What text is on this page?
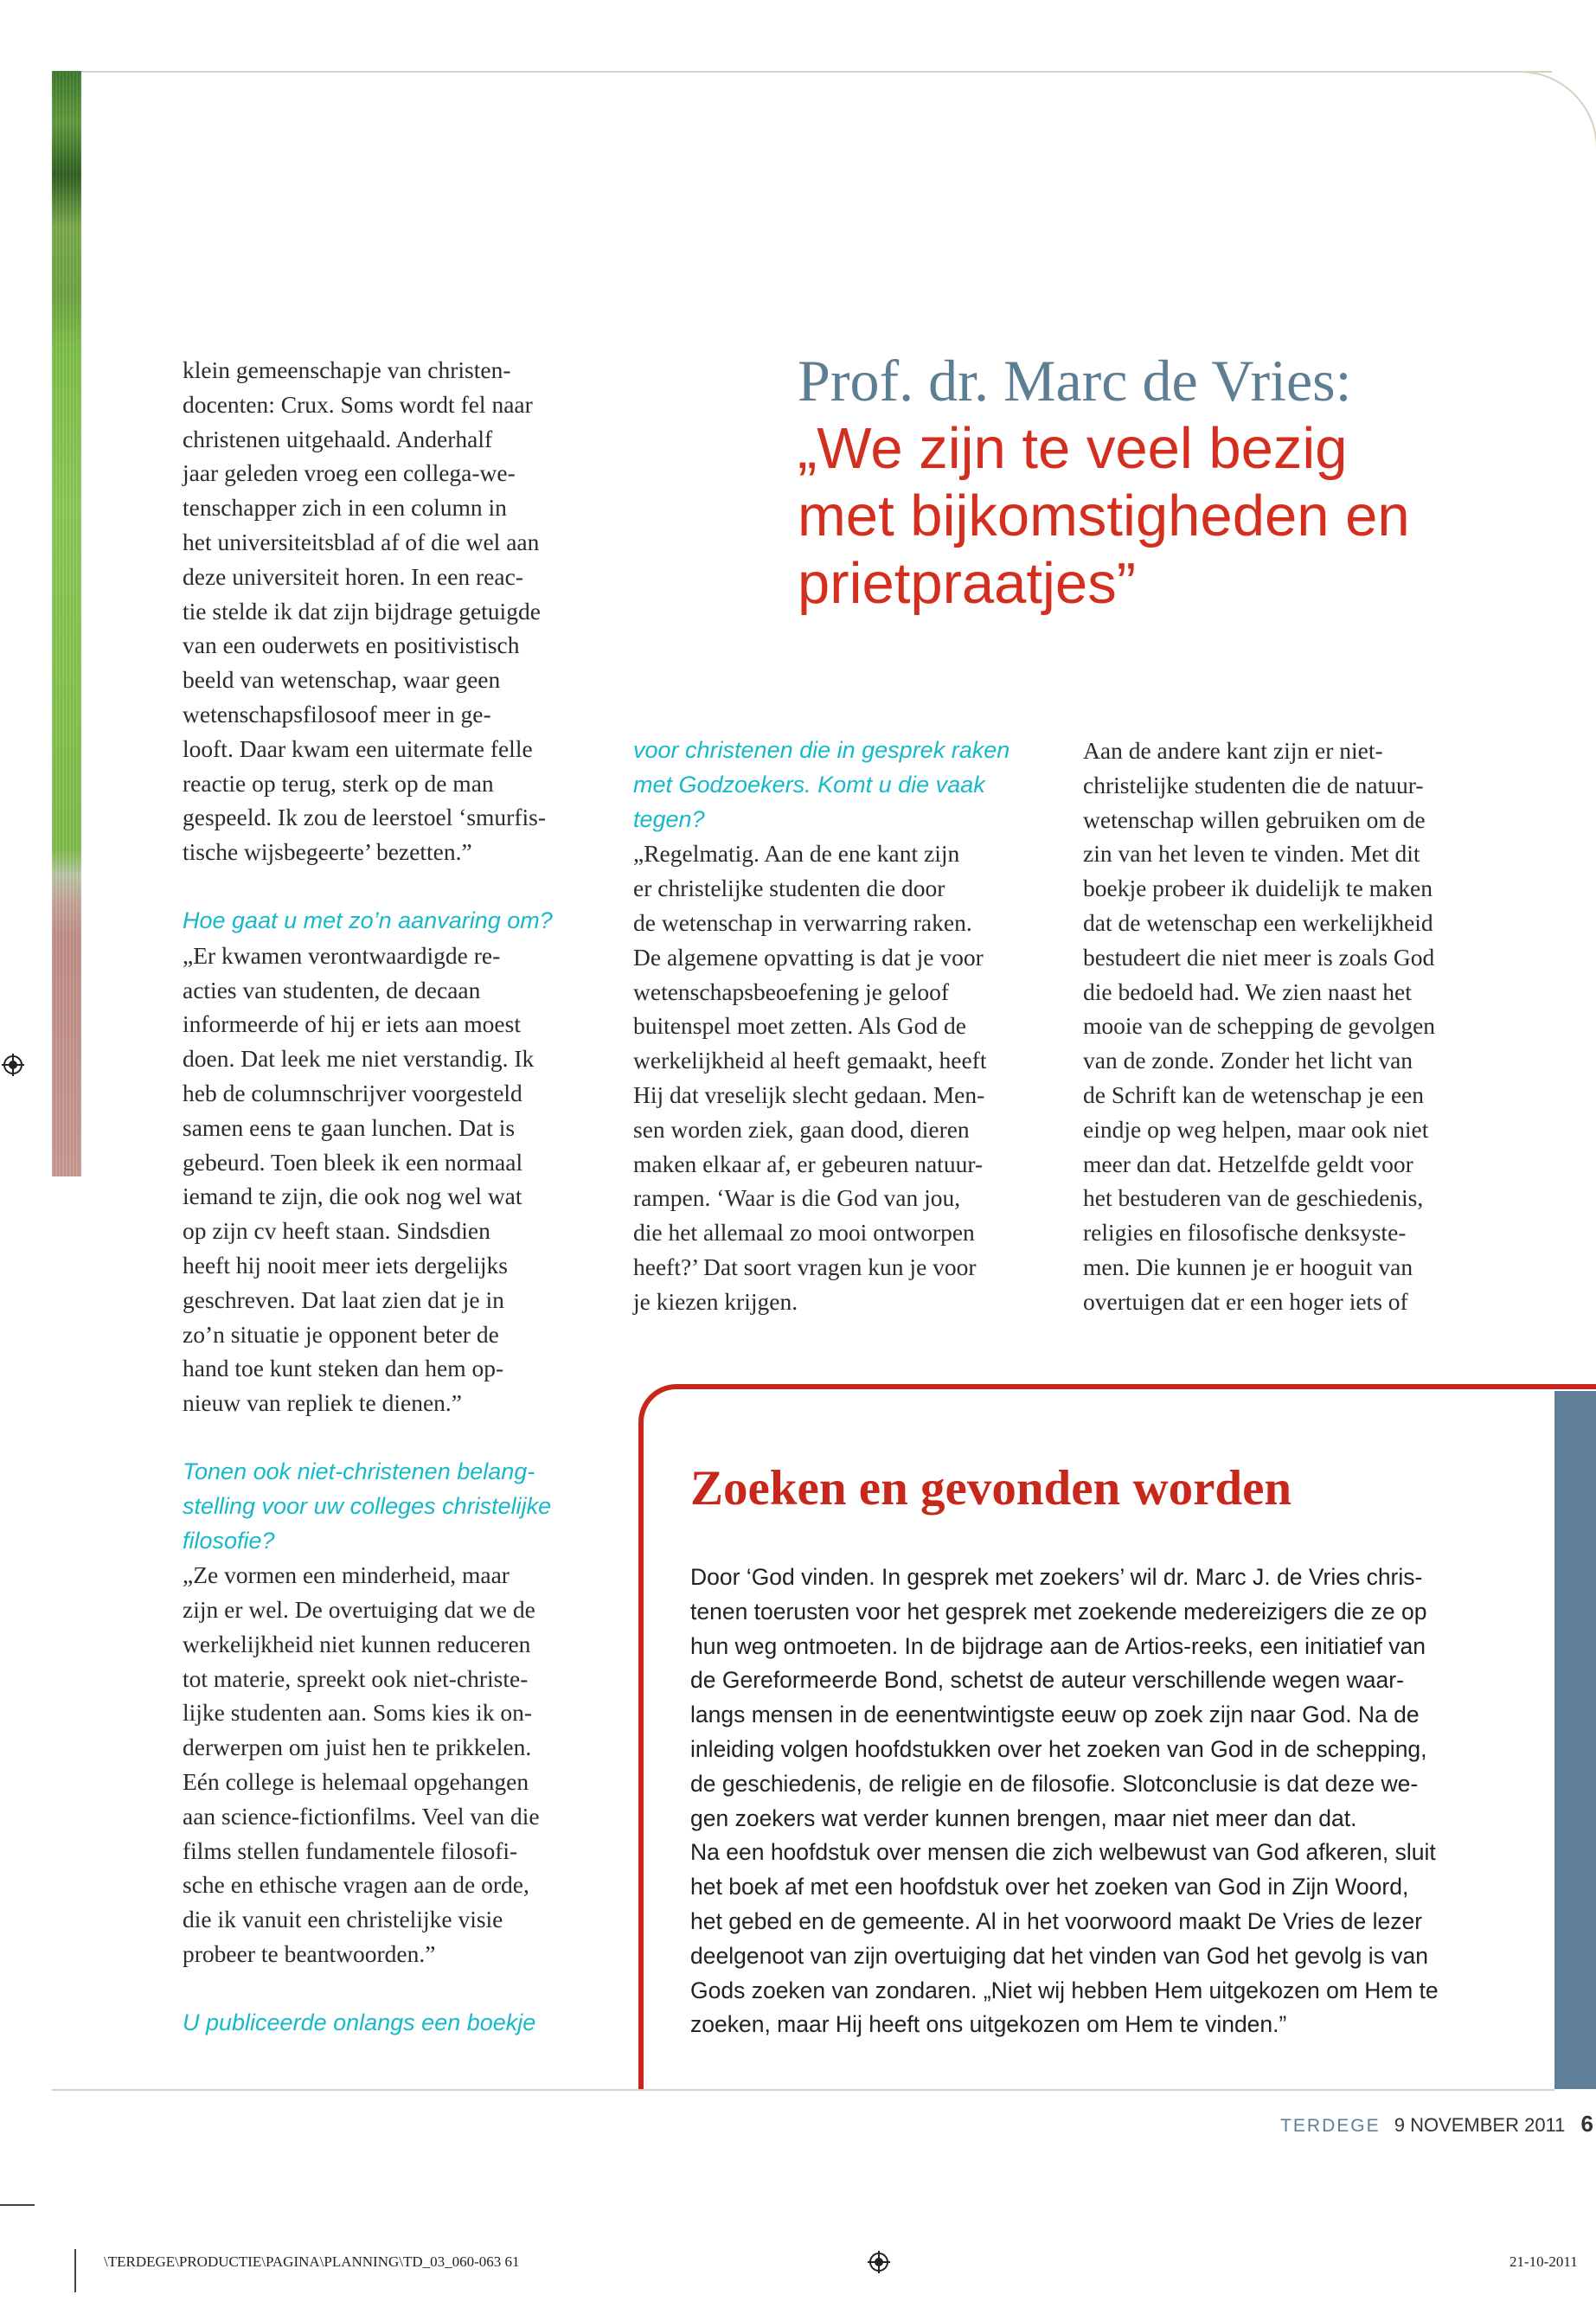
klein gemeenschapje van christen-
docenten: Crux. Soms wordt fel naar
christenen uitgehaald. Anderhalf
jaar geleden vroeg een collega-we-
tenschapper zich in een column in
het universiteitsblad af of die wel aan
deze universiteit horen. In een reac-
tie stelde ik dat zijn bijdrage getuigde
van een ouderwets en positivistisch
beeld van wetenschap, waar geen
wetenschapsfilosoof meer in ge-
looft. Daar kwam een uitermate felle
reactie op terug, sterk op de man
gespeeld. Ik zou de leerstoel ‘smurfis-
tische wijsbegeerte’ bezetten.”

Hoe gaat u met zo’n aanvaring om?

„Er kwamen verontwaardigde re-
acties van studenten, de decaan
informeerde of hij er iets aan moest
doen. Dat leek me niet verstandig. Ik
heb de columnschrijver voorgesteld
samen eens te gaan lunchen. Dat is
gebeurd. Toen bleek ik een normaal
iemand te zijn, die ook nog wel wat
op zijn cv heeft staan. Sindsdien
heeft hij nooit meer iets dergelijks
geschreven. Dat laat zien dat je in
zo’n situatie je opponent beter de
hand toe kunt steken dan hem op-
nieuw van repliek te dienen.”

Tonen ook niet-christenen belang-
stelling voor uw colleges christelijke
filosofie?

„Ze vormen een minderheid, maar
zijn er wel. De overtuiging dat we de
werkelijkheid niet kunnen reduceren
tot materie, spreekt ook niet-christe-
lijke studenten aan. Soms kies ik on-
derwerpen om juist hen te prikkelen.
Eén college is helemaal opgehangen
aan science-fictionfilms. Veel van die
films stellen fundamentele filosofi-
sche en ethische vragen aan de orde,
die ik vanuit een christelijke visie
probeer te beantwoorden.”

U publiceerde onlangs een boekje

Prof. dr. Marc de Vries:
„We zijn te veel bezig
met bijkomstigheden en
prietpraatjes”

voor christenen die in gesprek raken
met Godzoekers. Komt u die vaak
tegen?

„Regelmatig. Aan de ene kant zijn
er christelijke studenten die door
de wetenschap in verwarring raken.
De algemene opvatting is dat je voor
wetenschapsbeoefening je geloof
buitenspel moet zetten. Als God de
werkelijkheid al heeft gemaakt, heeft
Hij dat vreselijk slecht gedaan. Men-
sen worden ziek, gaan dood, dieren
maken elkaar af, er gebeuren natuur-
rampen. ‘Waar is die God van jou,
die het allemaal zo mooi ontworpen
heeft?’ Dat soort vragen kun je voor
je kiezen krijgen.

Aan de andere kant zijn er niet-
christelijke studenten die de natuur-
wetenschap willen gebruiken om de
zin van het leven te vinden. Met dit
boekje probeer ik duidelijk te maken
dat de wetenschap een werkelijkheid
bestudeert die niet meer is zoals God
die bedoeld had. We zien naast het
mooie van de schepping de gevolgen
van de zonde. Zonder het licht van
de Schrift kan de wetenschap je een
eindje op weg helpen, maar ook niet
meer dan dat. Hetzelfde geldt voor
het bestuderen van de geschiedenis,
religies en filosofische denksyste-
men. Die kunnen je er hooguit van
overtuigen dat er een hoger iets of

Zoeken en gevonden worden

Door ‘God vinden. In gesprek met zoekers’ wil dr. Marc J. de Vries chris-
tenen toerusten voor het gesprek met zoekende medereizigers die ze op
hun weg ontmoeten. In de bijdrage aan de Artios-reeks, een initiatief van
de Gereformeerde Bond, schetst de auteur verschillende wegen waar-
langs mensen in de eenentwintigste eeuw op zoek zijn naar God. Na de
inleiding volgen hoofdstukken over het zoeken van God in de schepping,
de geschiedenis, de religie en de filosofie. Slotconclusie is dat deze we-
gen zoekers wat verder kunnen brengen, maar niet meer dan dat.
Na een hoofdstuk over mensen die zich welbewust van God afkeren, sluit
het boek af met een hoofdstuk over het zoeken van God in Zijn Woord,
het gebed en de gemeente. Al in het voorwoord maakt De Vries de lezer
deelgenoot van zijn overtuiging dat het vinden van God het gevolg is van
Gods zoeken van zondaren. „Niet wij hebben Hem uitgekozen om Hem te
zoeken, maar Hij heeft ons uitgekozen om Hem te vinden.”

TERDEGE 9 NOVEMBER 2011 6
\TERDEGE\PRODUCTIE\PAGINA\PLANNING\TD_03_060-063 61	21-10-2011
